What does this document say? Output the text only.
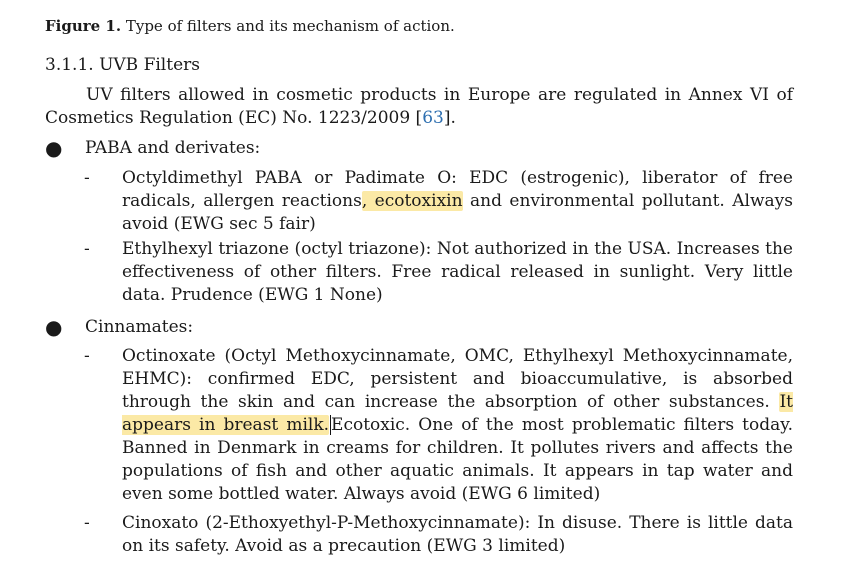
Figure 1. Type of filters and its mechanism of action.
3.1.1. UVB Filters
UV filters allowed in cosmetic products in Europe are regulated in Annex VI of Cosmetics Regulation (EC) No. 1223/2009 [63].
●	PABA and derivates:
- Octyldimethyl PABA or Padimate O: EDC (estrogenic), liberator of free radicals, allergen reactions, ecotoxixin and environmental pollutant. Always avoid (EWG sec 5 fair)
- Ethylhexyl triazone (octyl triazone): Not authorized in the USA. Increases the effectiveness of other filters. Free radical released in sunlight. Very little data. Prudence (EWG 1 None)
●	Cinnamates:
- Octinoxate (Octyl Methoxycinnamate, OMC, Ethylhexyl Methoxycinnamate, EHMC): confirmed EDC, persistent and bioaccumulative, is absorbed through the skin and can increase the absorption of other substances. It appears in breast milk. Ecotoxic. One of the most problematic filters today. Banned in Denmark in creams for children. It pollutes rivers and affects the populations of fish and other aquatic animals. It appears in tap water and even some bottled water. Always avoid (EWG 6 limited)
- Cinoxato (2-Ethoxyethyl-P-Methoxycinnamate): In disuse. There is little data on its safety. Avoid as a precaution (EWG 3 limited)
